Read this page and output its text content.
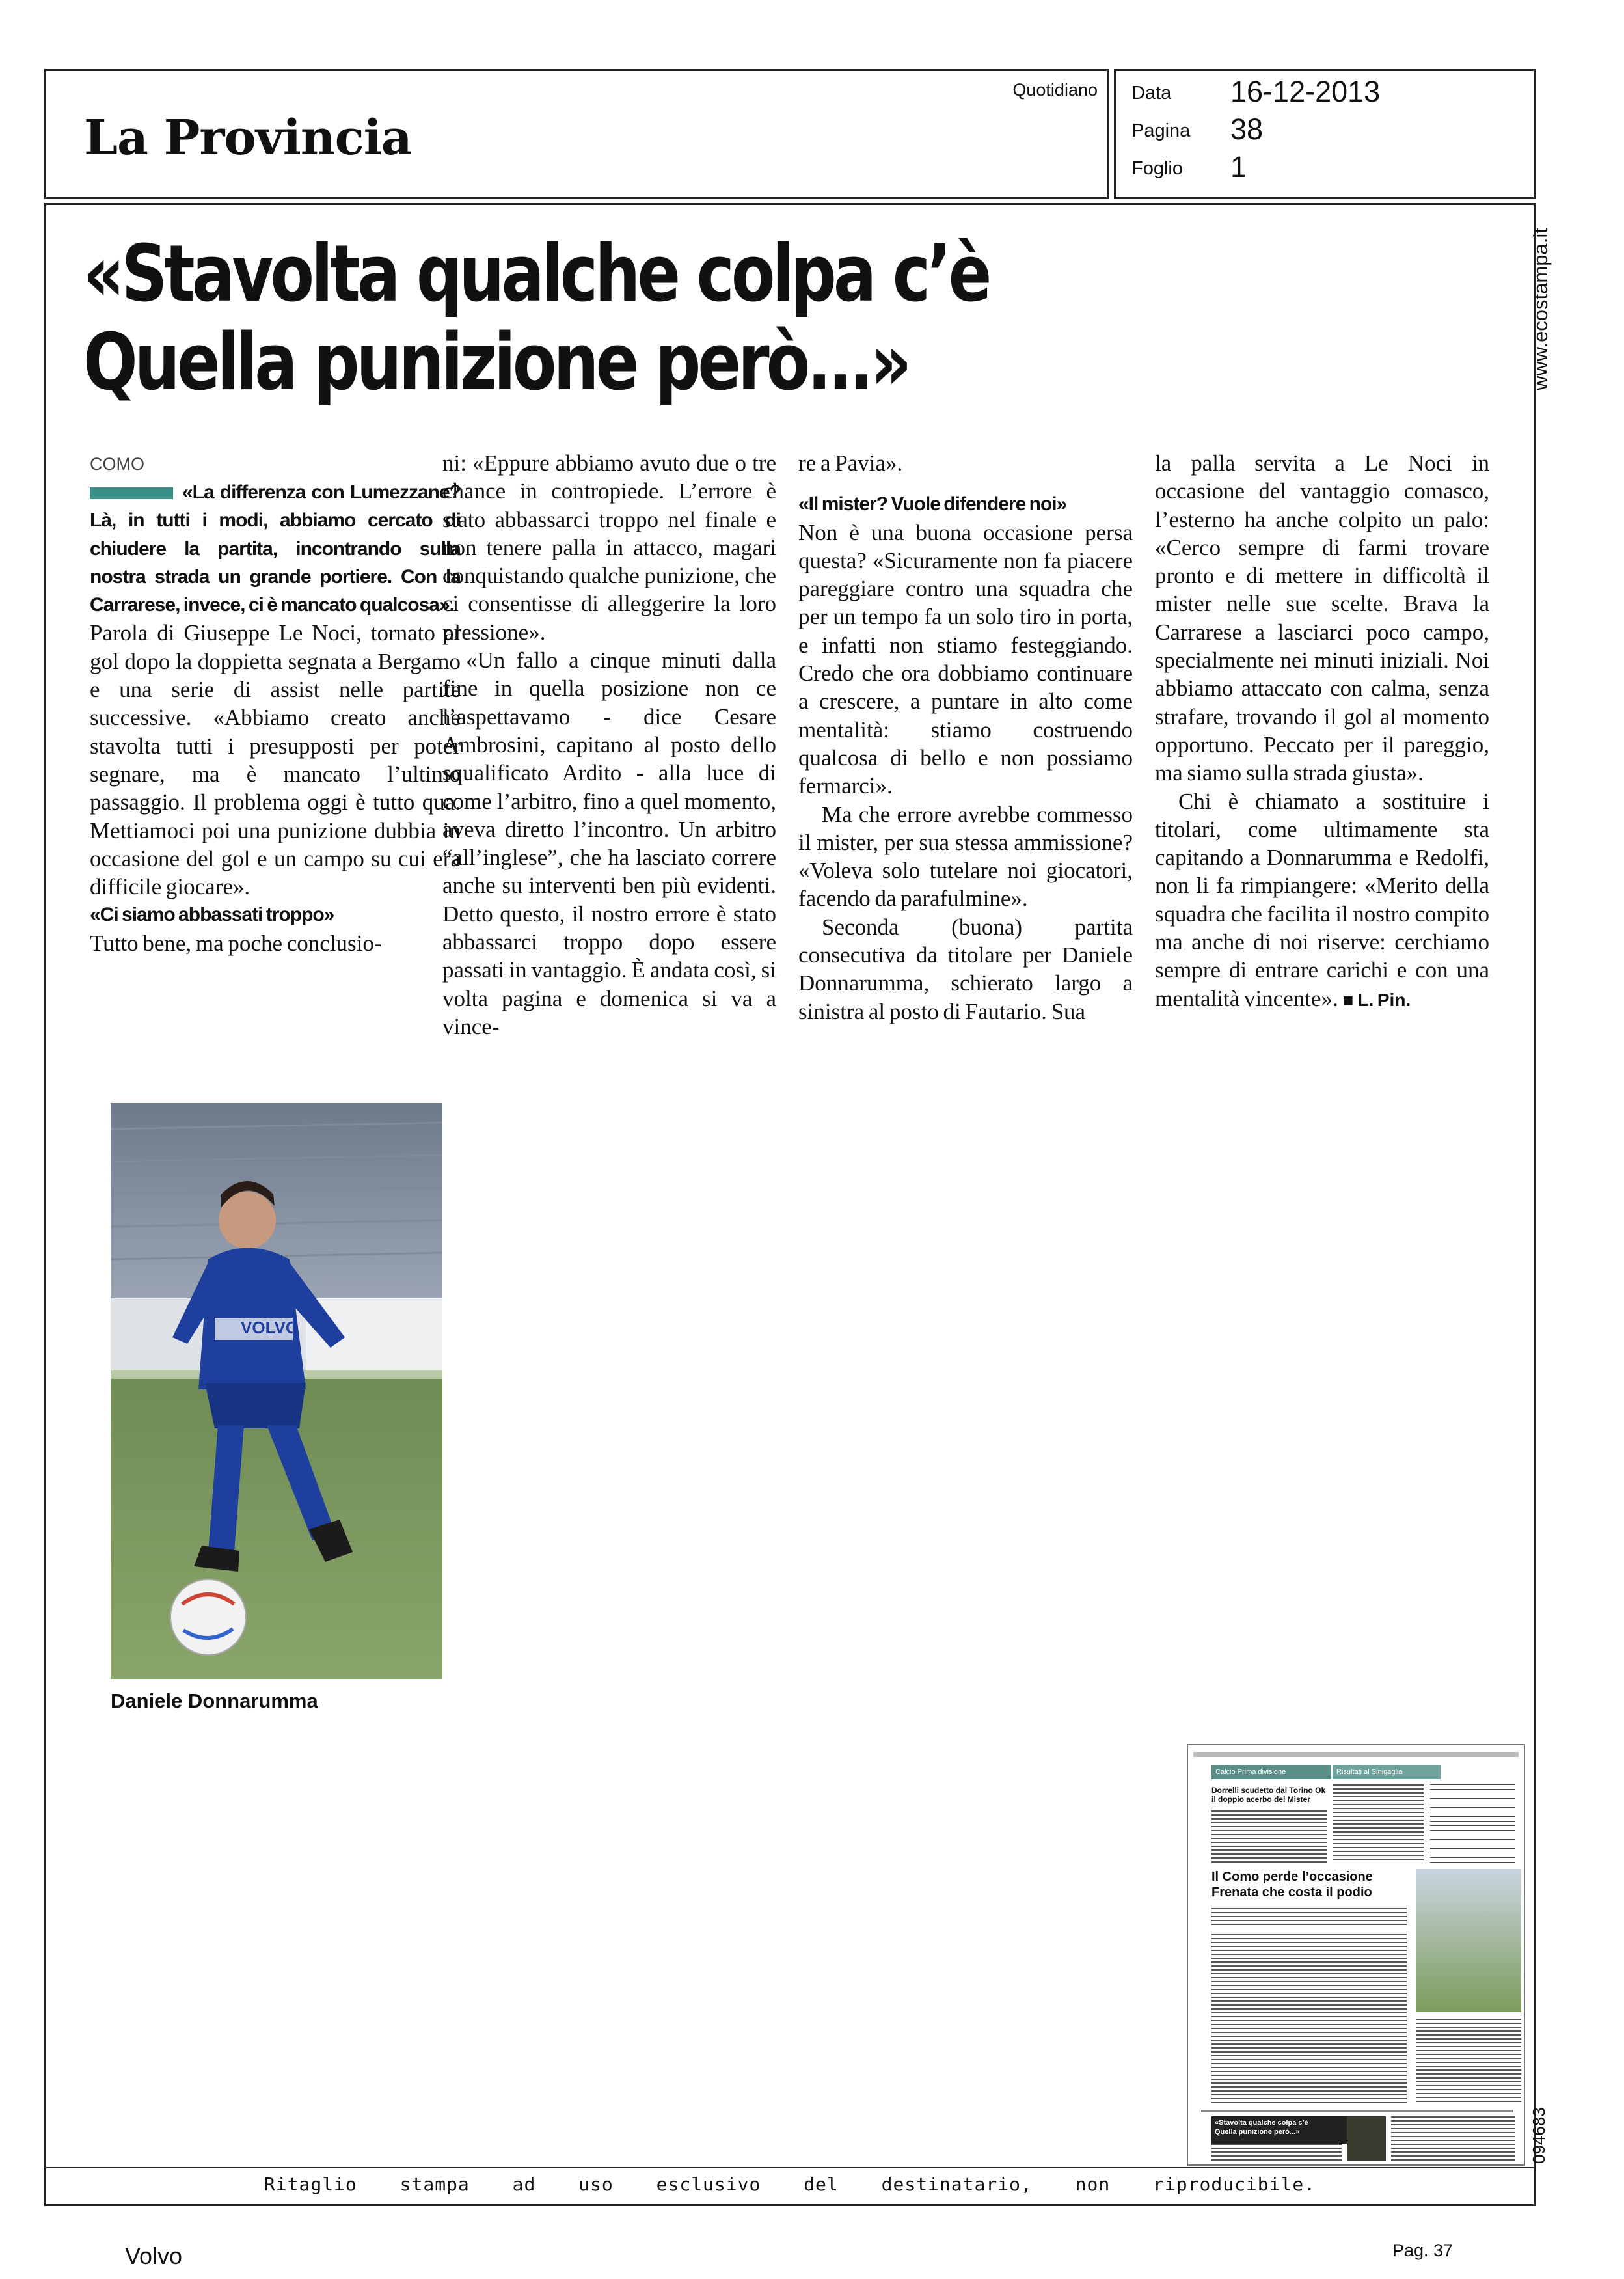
La Provincia
Quotidiano Data 16-12-2013
Pagina 38
Foglio 1
www.ecostampa.it
094683
«Stavolta qualche colpa c’è
Quella punizione però...»
COMO

«La differenza con Lumezzane? Là, in tutti i modi, abbiamo cercato di chiudere la partita, incontrando sulla nostra strada un grande portiere. Con la Carrarese, invece, ci è mancato qualcosa».

Parola di Giuseppe Le Noci, tornato al gol dopo la doppietta segnata a Bergamo e una serie di assist nelle partite successive. «Abbiamo creato anche stavolta tutti i presupposti per poter segnare, ma è mancato l’ultimo passaggio. Il problema oggi è tutto qua. Mettiamoci poi una punizione dubbia in occasione del gol e un campo su cui era difficile giocare».

«Ci siamo abbassati troppo»

Tutto bene, ma poche conclusio-

ni: «Eppure abbiamo avuto due o tre chance in contropiede. L’errore è stato abbassarci troppo nel finale e non tenere palla in attacco, magari conquistando qualche punizione, che ci consentisse di alleggerire la loro pressione».

«Un fallo a cinque minuti dalla fine in quella posizione non ce l’aspettavamo - dice Cesare Ambrosini, capitano al posto dello squalificato Ardito - alla luce di come l’arbitro, fino a quel momento, aveva diretto l’incontro. Un arbitro “all’inglese”, che ha lasciato correre anche su interventi ben più evidenti. Detto questo, il nostro errore è stato abbassarci troppo dopo essere passati in vantaggio. È andata così, si volta pagina e domenica si va a vince-

re a Pavia».

«Il mister? Vuole difendere noi»

Non è una buona occasione persa questa? «Sicuramente non fa piacere pareggiare contro una squadra che per un tempo fa un solo tiro in porta, e infatti non stiamo festeggiando. Credo che ora dobbiamo continuare a crescere, a puntare in alto come mentalità: stiamo costruendo qualcosa di bello e non possiamo fermarci».

Ma che errore avrebbe commesso il mister, per sua stessa ammissione? «Voleva solo tutelare noi giocatori, facendo da parafulmine».

Seconda (buona) partita consecutiva da titolare per Daniele Donnarumma, schierato largo a sinistra al posto di Fautario. Sua

la palla servita a Le Noci in occasione del vantaggio comasco, l’esterno ha anche colpito un palo: «Cerco sempre di farmi trovare pronto e di mettere in difficoltà il mister nelle sue scelte. Brava la Carrarese a lasciarci poco campo, specialmente nei minuti iniziali. Noi abbiamo attaccato con calma, senza strafare, trovando il gol al momento opportuno. Peccato per il pareggio, ma siamo sulla strada giusta».

Chi è chiamato a sostituire i titolari, come ultimamente sta capitando a Donnarumma e Redolfi, non li fa rimpiangere: «Merito della squadra che facilita il nostro compito ma anche di noi riserve: cerchiamo sempre di entrare carichi e con una mentalità vincente». ■ L. Pin.

VOLVO
Daniele Donnarumma
Calcio Prima divisione	Risultati al Sinigaglia
Dorrelli scudetto dal Torino Ok il doppio acerbo del Mister
Il Como perde l’occasione
Frenata che costa il podio
«Stavolta qualche colpa c’è
Quella punizione però...»
Ritaglio stampa ad uso esclusivo del destinatario, non riproducibile.
Volvo	Pag. 37
